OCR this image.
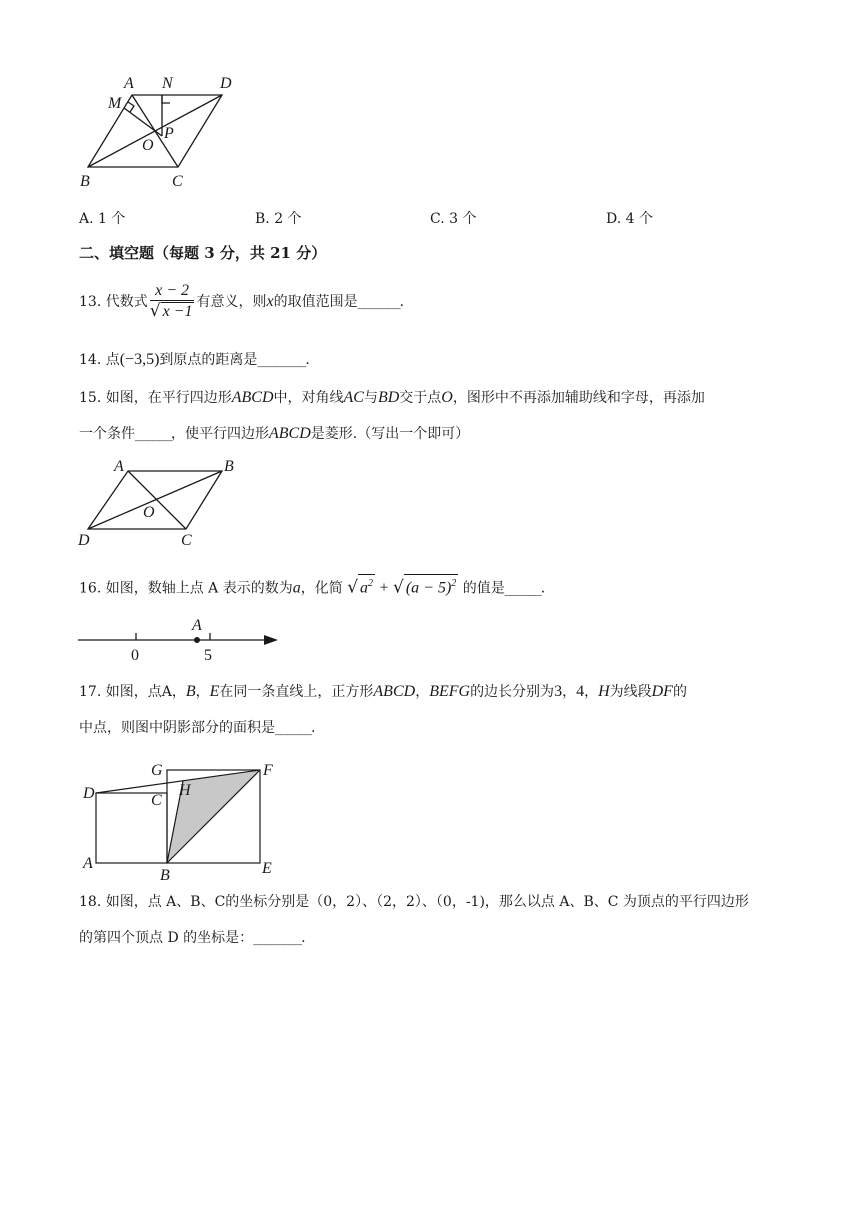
A N	D
M
P
O
B	C
A. 1 个	B. 2 个	C. 3 个	D. 4 个
二、填空题（每题 3 分，共 21 分）
13. 代数式 $\frac{x - 2}{√ x -1}$ 有意义，则x的取值范围是_______.
14. 点(−3,5)到原点的距离是________.
15. 如图，在平行四边形ABCD中，对角线AC与BD交于点O，图形中不再添加辅助线和字母，再添加
一个条件______，使平行四边形ABCD是菱形.（写出一个即可）
A	B
O
D	C
16. 如图，数轴上点 A 表示的数为a，化简 √ $a^2$ + √ $(a - 5)^2$ 的值是______.
A
0	5
17. 如图，点A，B，E在同一条直线上，正方形ABCD，BEFG的边长分别为3，4，H为线段DF的
中点，则图中阴影部分的面积是______.
G	F
D	C
H
A
B	E
18. 如图，点 A、B、C的坐标分别是（0，2）、（2，2）、（0，-1)，那么以点 A、B、C 为顶点的平行四边形
的第四个顶点 D 的坐标是：________.
